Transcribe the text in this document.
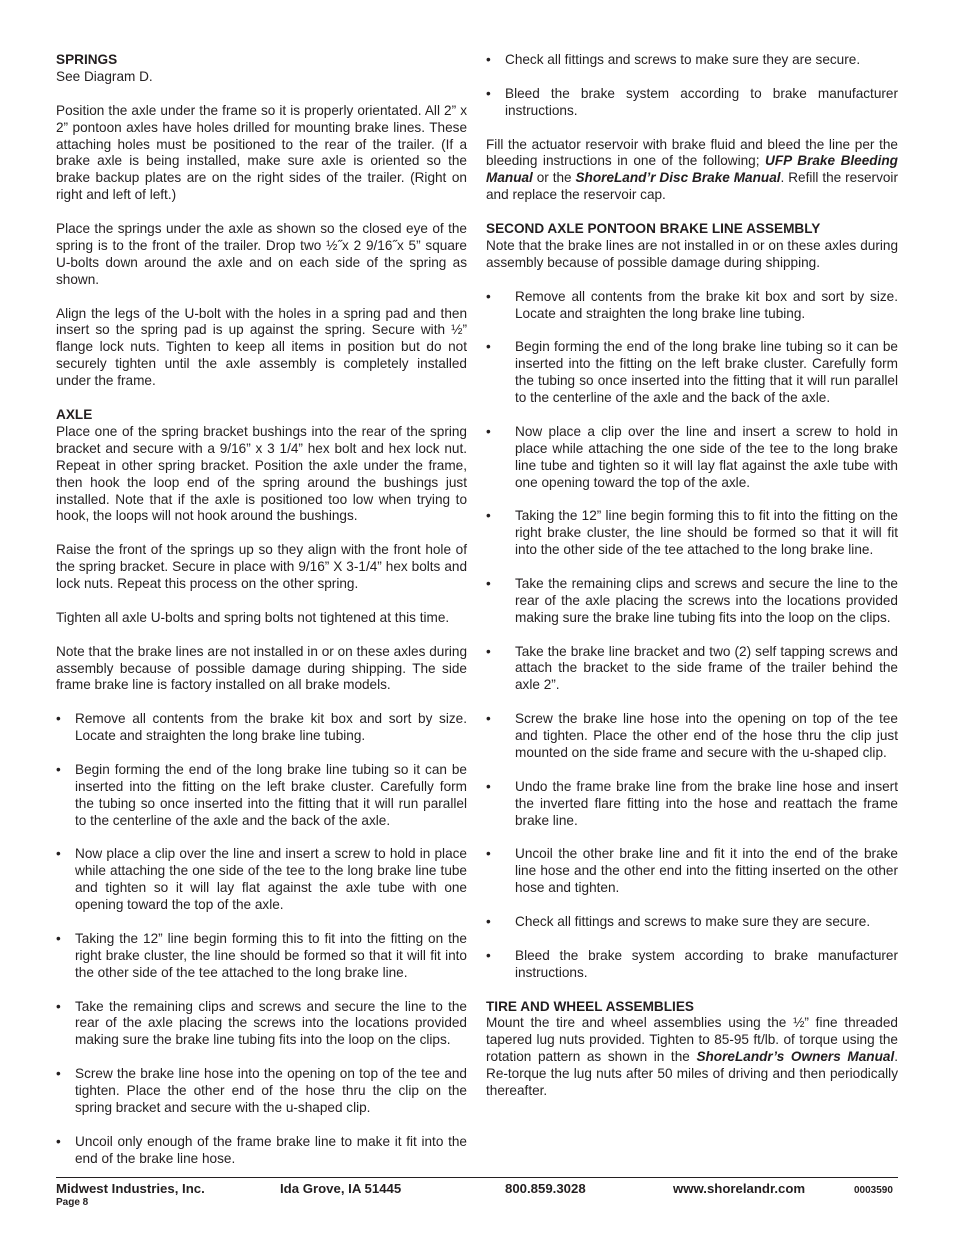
SPRINGS

See Diagram D.

Position the axle under the frame so it is properly orientated. All 2” x 2” pontoon axles have holes drilled for mounting brake lines. These attaching holes must be positioned to the rear of the trailer. (If a brake axle is being installed, make sure axle is oriented so the brake backup plates are on the right sides of the trailer. (Right on right and left of left.)

Place the springs under the axle as shown so the closed eye of the spring is to the front of the trailer. Drop two ½˝x 2 9/16˝x 5” square U-bolts down around the axle and on each side of the spring as shown.

Align the legs of the U-bolt with the holes in a spring pad and then insert so the spring pad is up against the spring. Secure with ½” flange lock nuts. Tighten to keep all items in position but do not securely tighten until the axle assembly is completely installed under the frame.

AXLE

Place one of the spring bracket bushings into the rear of the spring bracket and secure with a 9/16” x 3 1/4” hex bolt and hex lock nut. Repeat in other spring bracket. Position the axle under the frame, then hook the loop end of the spring around the bushings just installed. Note that if the axle is positioned too low when trying to hook, the loops will not hook around the bushings.

Raise the front of the springs up so they align with the front hole of the spring bracket. Secure in place with 9/16” X 3-1/4” hex bolts and lock nuts. Repeat this process on the other spring.

Tighten all axle U-bolts and spring bolts not tightened at this time.

Note that the brake lines are not installed in or on these axles during assembly because of possible damage during shipping. The side frame brake line is factory installed on all brake models.

• Remove all contents from the brake kit box and sort by size. Locate and straighten the long brake line tubing.
• Begin forming the end of the long brake line tubing so it can be inserted into the fitting on the left brake cluster. Carefully form the tubing so once inserted into the fitting that it will run parallel to the centerline of the axle and the back of the axle.
• Now place a clip over the line and insert a screw to hold in place while attaching the one side of the tee to the long brake line tube and tighten so it will lay flat against the axle tube with one opening toward the top of the axle.
• Taking the 12” line begin forming this to fit into the fitting on the right brake cluster, the line should be formed so that it will fit into the other side of the tee attached to the long brake line.
• Take the remaining clips and screws and secure the line to the rear of the axle placing the screws into the locations provided making sure the brake line tubing fits into the loop on the clips.
• Screw the brake line hose into the opening on top of the tee and tighten. Place the other end of the hose thru the clip on the spring bracket and secure with the u-shaped clip.
• Uncoil only enough of the frame brake line to make it fit into the end of the brake line hose.
• Check all fittings and screws to make sure they are secure.
• Bleed the brake system according to brake manufacturer instructions.

Fill the actuator reservoir with brake fluid and bleed the line per the bleeding instructions in one of the following; UFP Brake Bleeding Manual or the ShoreLand’r Disc Brake Manual. Refill the reservoir and replace the reservoir cap.

SECOND AXLE PONTOON BRAKE LINE ASSEMBLY

Note that the brake lines are not installed in or on these axles during assembly because of possible damage during shipping.

• Remove all contents from the brake kit box and sort by size. Locate and straighten the long brake line tubing.
• Begin forming the end of the long brake line tubing so it can be inserted into the fitting on the left brake cluster. Carefully form the tubing so once inserted into the fitting that it will run parallel to the centerline of the axle and the back of the axle.
• Now place a clip over the line and insert a screw to hold in place while attaching the one side of the tee to the long brake line tube and tighten so it will lay flat against the axle tube with one opening toward the top of the axle.
• Taking the 12” line begin forming this to fit into the fitting on the right brake cluster, the line should be formed so that it will fit into the other side of the tee attached to the long brake line.
• Take the remaining clips and screws and secure the line to the rear of the axle placing the screws into the locations provided making sure the brake line tubing fits into the loop on the clips.
• Take the brake line bracket and two (2) self tapping screws and attach the bracket to the side frame of the trailer behind the axle 2”.
• Screw the brake line hose into the opening on top of the tee and tighten. Place the other end of the hose thru the clip just mounted on the side frame and secure with the u-shaped clip.
• Undo the frame brake line from the brake line hose and insert the inverted flare fitting into the hose and reattach the frame brake line.
• Uncoil the other brake line and fit it into the end of the brake line hose and the other end into the fitting inserted on the other hose and tighten.
• Check all fittings and screws to make sure they are secure.
• Bleed the brake system according to brake manufacturer instructions.
TIRE AND WHEEL ASSEMBLIES

Mount the tire and wheel assemblies using the ½” fine threaded tapered lug nuts provided. Tighten to 85-95 ft/lb. of torque using the rotation pattern as shown in the ShoreLandr’s Owners Manual. Re-torque the lug nuts after 50 miles of driving and then periodically thereafter.

Midwest Industries, Inc.	Ida Grove, IA 51445	800.859.3028	www.shorelandr.com	0003590
Page 8
